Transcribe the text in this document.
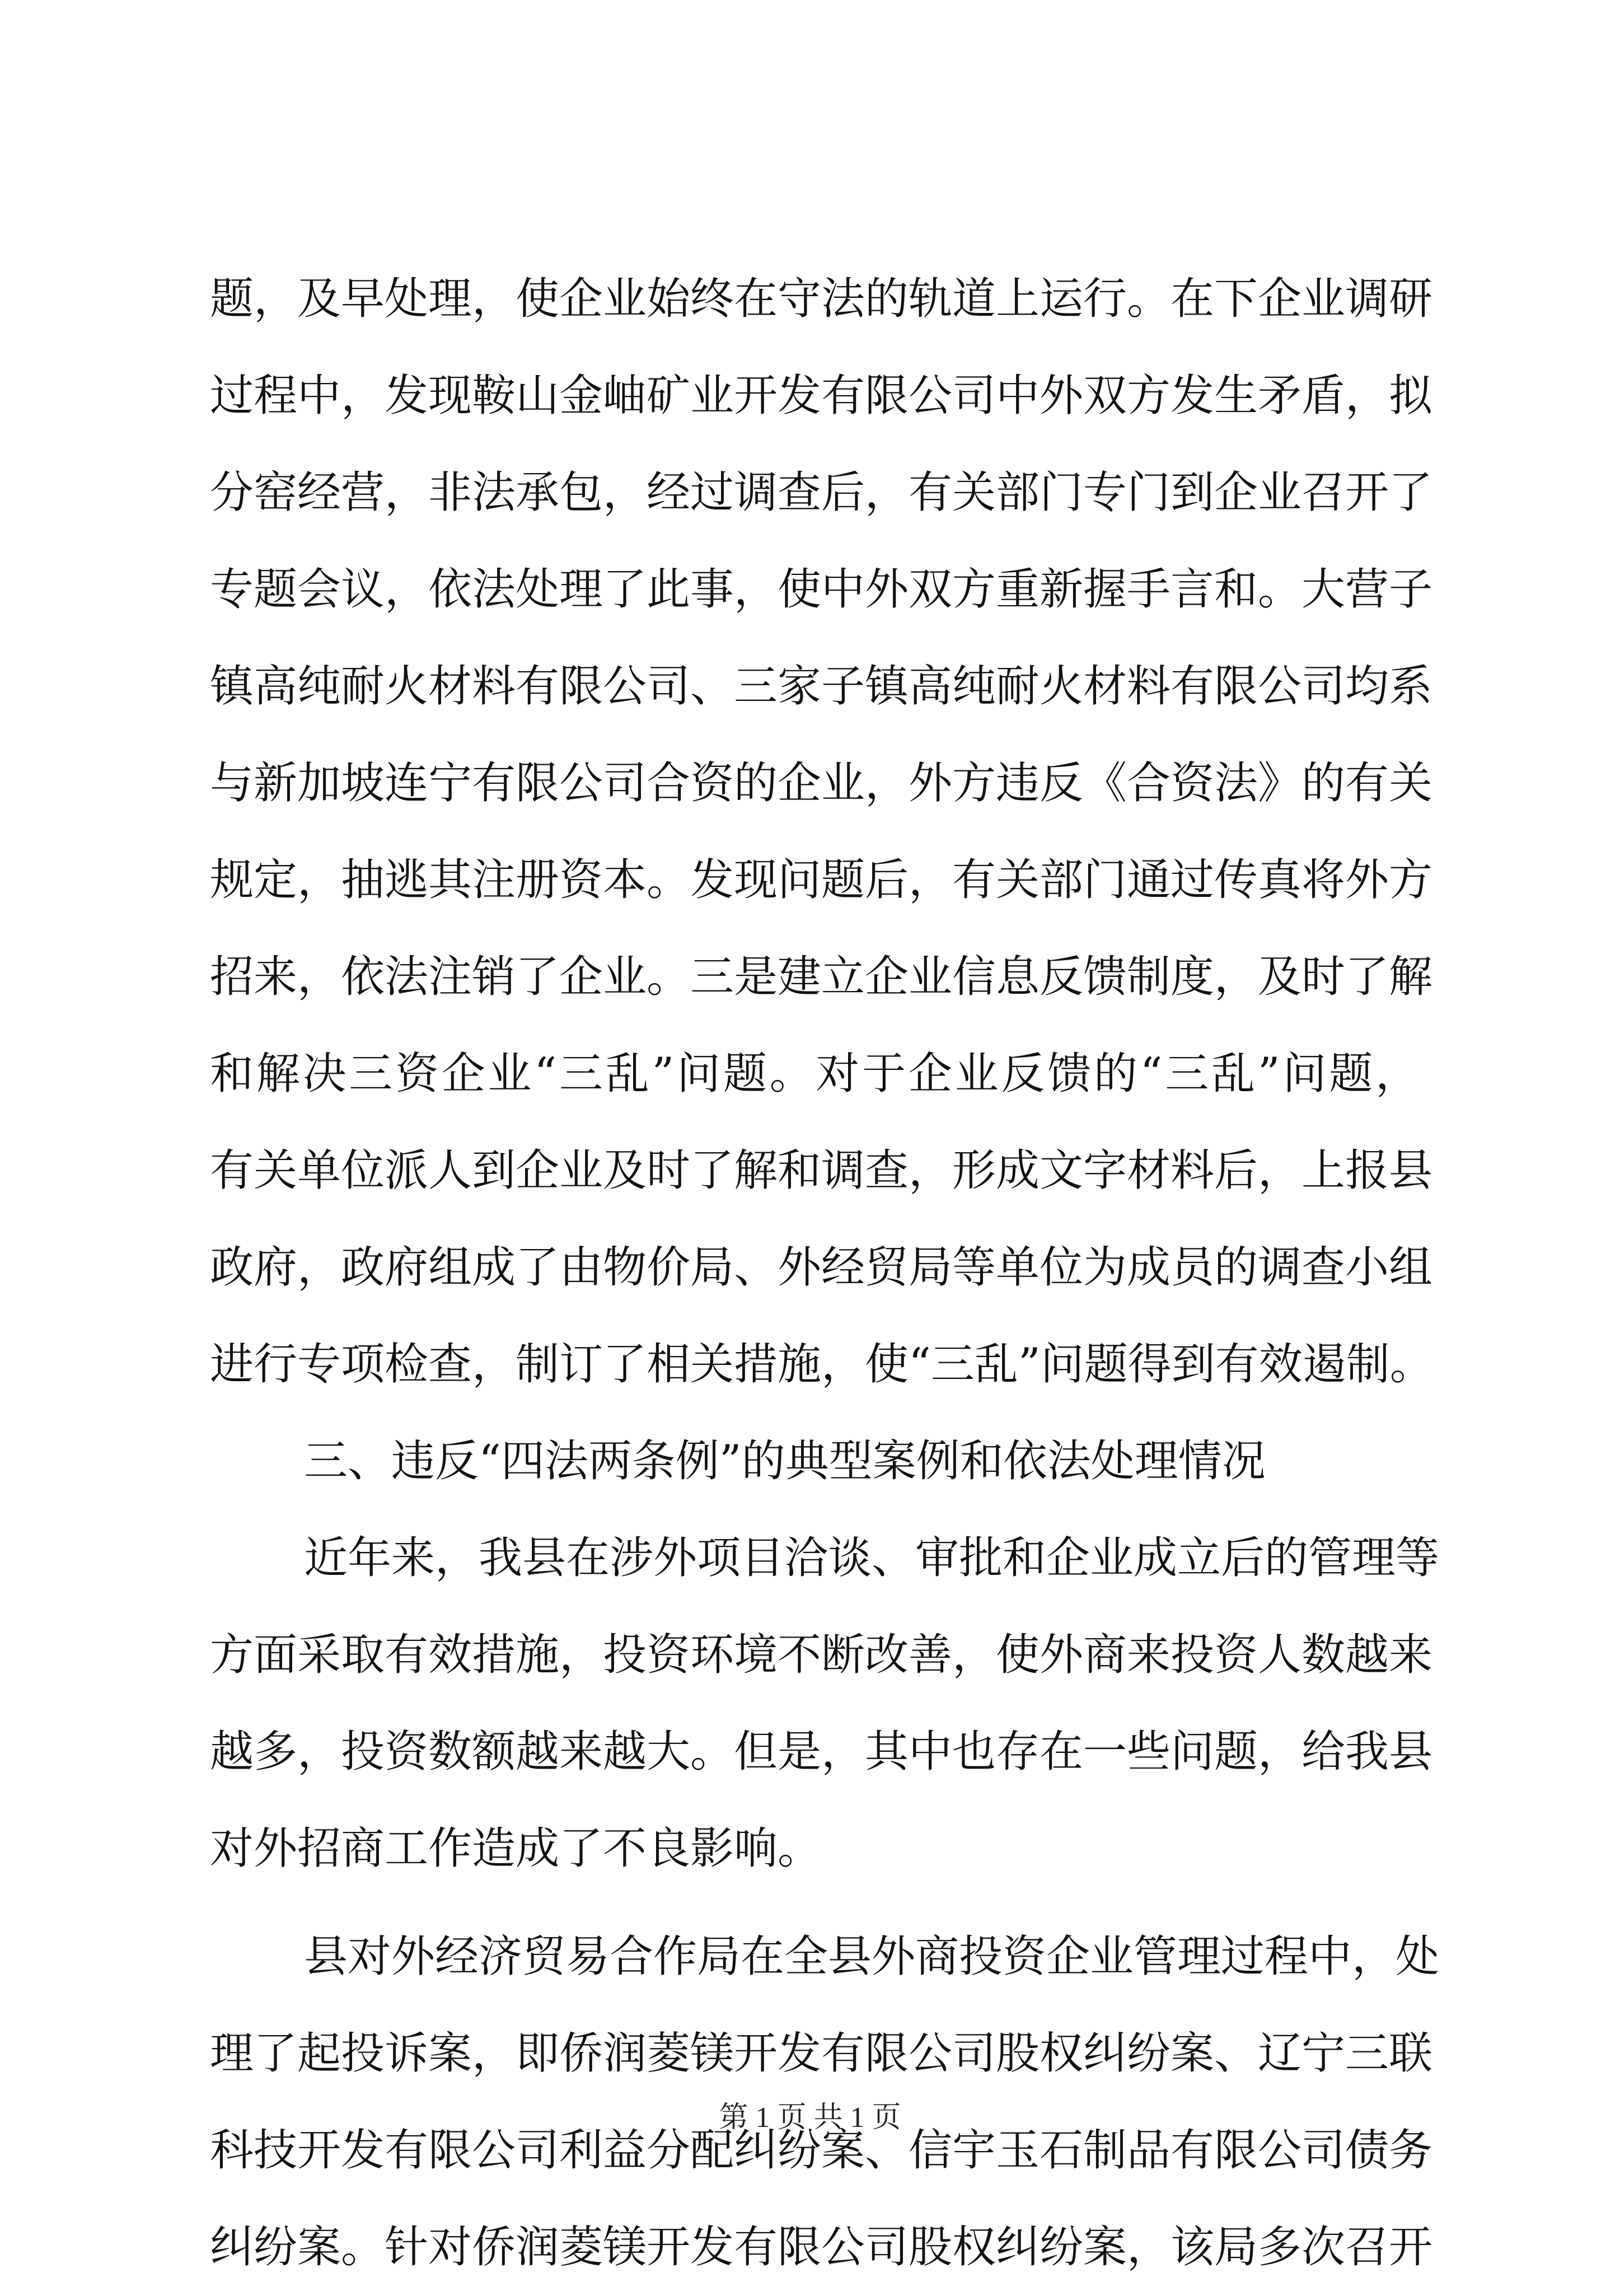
题，及早处理，使企业始终在守法的轨道上运行。在下企业调研
过程中，发现鞍山金岫矿业开发有限公司中外双方发生矛盾，拟
分窑经营，非法承包，经过调查后，有关部门专门到企业召开了
专题会议，依法处理了此事，使中外双方重新握手言和。大营子
镇高纯耐火材料有限公司、三家子镇高纯耐火材料有限公司均系
与新加坡连宁有限公司合资的企业，外方违反《合资法》的有关
规定，抽逃其注册资本。发现问题后，有关部门通过传真将外方
招来，依法注销了企业。三是建立企业信息反馈制度，及时了解
和解决三资企业“三乱”问题。对于企业反馈的“三乱”问题，
有关单位派人到企业及时了解和调查，形成文字材料后，上报县
政府，政府组成了由物价局、外经贸局等单位为成员的调查小组
进行专项检查，制订了相关措施，使“三乱”问题得到有效遏制。
三、违反“四法两条例”的典型案例和依法处理情况
近年来，我县在涉外项目洽谈、审批和企业成立后的管理等
方面采取有效措施，投资环境不断改善，使外商来投资人数越来
越多，投资数额越来越大。但是，其中也存在一些问题，给我县
对外招商工作造成了不良影响。
县对外经济贸易合作局在全县外商投资企业管理过程中，处
理了起投诉案，即侨润菱镁开发有限公司股权纠纷案、辽宁三联
科技开发有限公司利益分配纠纷案、信宇玉石制品有限公司债务
纠纷案。针对侨润菱镁开发有限公司股权纠纷案，该局多次召开
第 1 页 共 1 页
